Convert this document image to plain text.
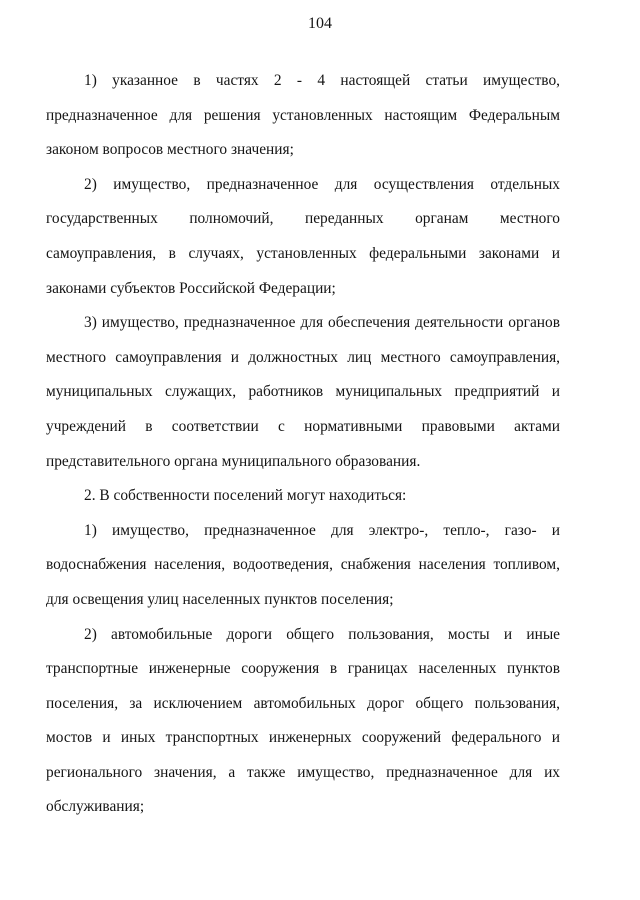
104

1) указанное в частях 2 - 4 настоящей статьи имущество, предназначенное для решения установленных настоящим Федеральным законом вопросов местного значения;

2) имущество, предназначенное для осуществления отдельных государственных полномочий, переданных органам местного самоуправления, в случаях, установленных федеральными законами и законами субъектов Российской Федерации;

3) имущество, предназначенное для обеспечения деятельности органов местного самоуправления и должностных лиц местного самоуправления, муниципальных служащих, работников муниципальных предприятий и учреждений в соответствии с нормативными правовыми актами представительного органа муниципального образования.

2. В собственности поселений могут находиться:

1) имущество, предназначенное для электро-, тепло-, газо- и водоснабжения населения, водоотведения, снабжения населения топливом, для освещения улиц населенных пунктов поселения;

2) автомобильные дороги общего пользования, мосты и иные транспортные инженерные сооружения в границах населенных пунктов поселения, за исключением автомобильных дорог общего пользования, мостов и иных транспортных инженерных сооружений федерального и регионального значения, а также имущество, предназначенное для их обслуживания;
